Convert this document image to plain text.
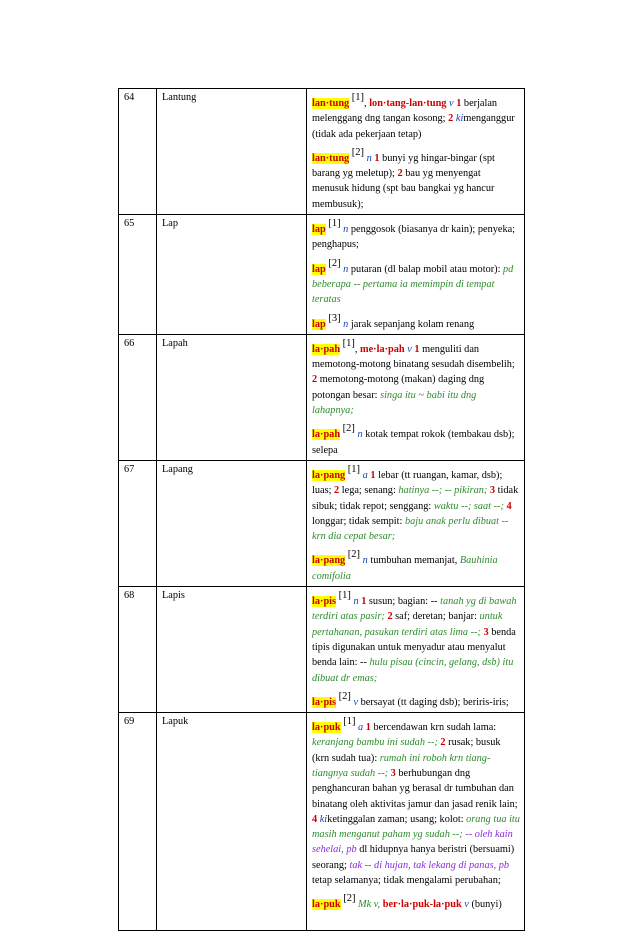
64	Lantung	lan·tung [1], lon·tang-lan·tung v 1 berjalan melenggang dng tangan kosong; 2 kimenganggur (tidak ada pekerjaan tetap)
lan·tung [2] n 1 bunyi yg hingar-bingar (spt barang yg meletup); 2 bau yg menyengat menusuk hidung (spt bau bangkai yg hancur membusuk);
65	Lap	lap [1] n penggosok (biasanya dr kain); penyeka; penghapus;
lap [2] n putaran (dl balap mobil atau motor): pd beberapa -- pertama ia memimpin di tempat teratas
lap [3] n jarak sepanjang kolam renang
66	Lapah	la·pah [1], me·la·pah v 1 menguliti dan memotong-motong binatang sesudah disembelih; 2 memotong-motong (makan) daging dng potongan besar: singa itu ~ babi itu dng lahapnya;
la·pah [2] n kotak tempat rokok (tembakau dsb); selepa
67	Lapang	la·pang [1] a 1 lebar (tt ruangan, kamar, dsb); luas; 2 lega; senang: hatinya --; -- pikiran; 3 tidak sibuk; tidak repot; senggang: waktu --; saat --; 4 longgar; tidak sempit: baju anak perlu dibuat -- krn dia cepat besar;
la·pang [2] n tumbuhan memanjat, Bauhinia comifolia
68	Lapis	la·pis [1] n 1 susun; bagian: -- tanah yg di bawah terdiri atas pasir; 2 saf; deretan; banjar: untuk pertahanan, pasukan terdiri atas lima --; 3 benda tipis digunakan untuk menyadur atau menyalut benda lain: -- hulu pisau (cincin, gelang, dsb) itu dibuat dr emas;
la·pis [2] v bersayat (tt daging dsb); beriris-iris;
69	Lapuk	la·puk [1] a 1 bercendawan krn sudah lama: keranjang bambu ini sudah --; 2 rusak; busuk (krn sudah tua): rumah ini roboh krn tiang-tiangnya sudah --; 3 berhubungan dng penghancuran bahan yg berasal dr tumbuhan dan binatang oleh aktivitas jamur dan jasad renik lain; 4 kiketinggalan zaman; usang; kolot: orang tua itu masih menganut paham yg sudah --; -- oleh kain sehelai, pb dl hidupnya hanya beristri (bersuami) seorang; tak -- di hujan, tak lekang di panas, pb tetap selamanya; tidak mengalami perubahan;
la·puk [2] Mk v, ber·la·puk-la·puk v (bunyi)
